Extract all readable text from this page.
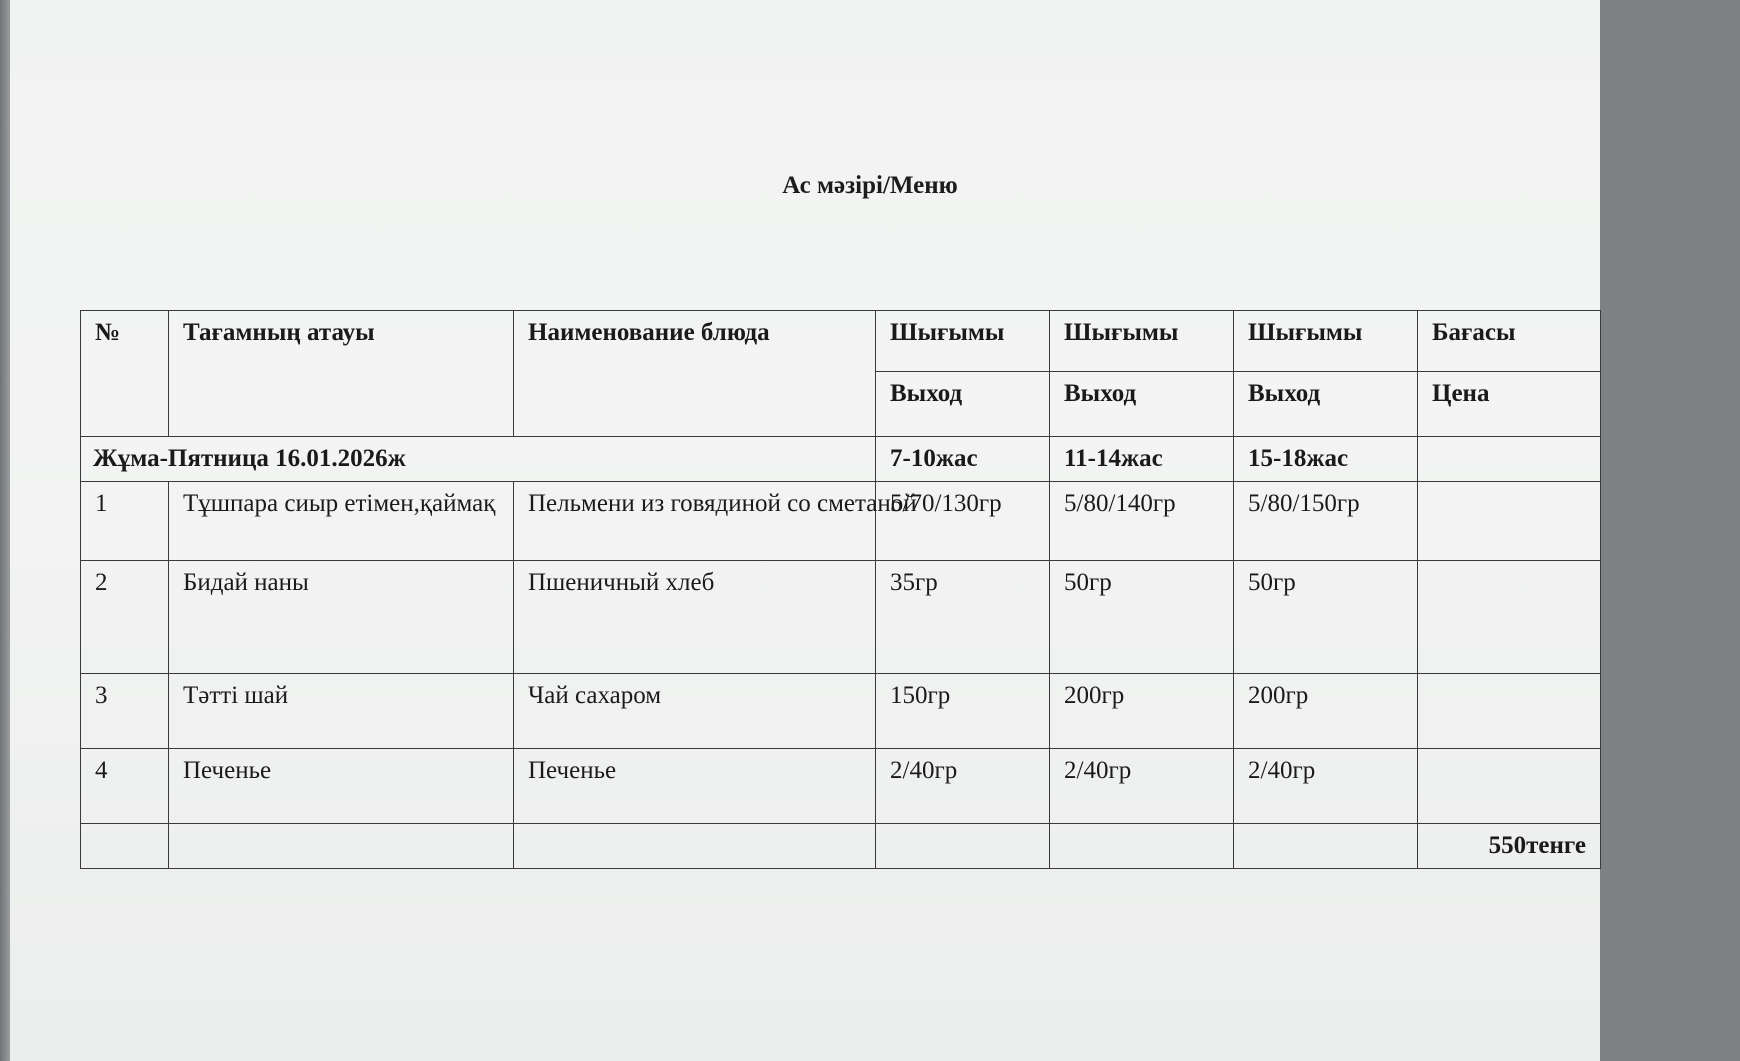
Ас мәзірі/Меню
№	Тағамның атауы	Наименование блюда	Шығымы	Шығымы	Шығымы	Бағасы
			Выход	Выход	Выход	Цена
Жұма-Пятница 16.01.2026ж			7-10жас	11-14жас	15-18жас	
1	Тұшпара сиыр етімен,қаймақ	Пельмени из говядиной со сметаной	5/70/130гр	5/80/140гр	5/80/150гр	
2	Бидай наны	Пшеничный хлеб	35гр	50гр	50гр	
3	Тәтті шай	Чай сахаром	150гр	200гр	200гр	
4	Печенье	Печенье	2/40гр	2/40гр	2/40гр	
						550тенге
